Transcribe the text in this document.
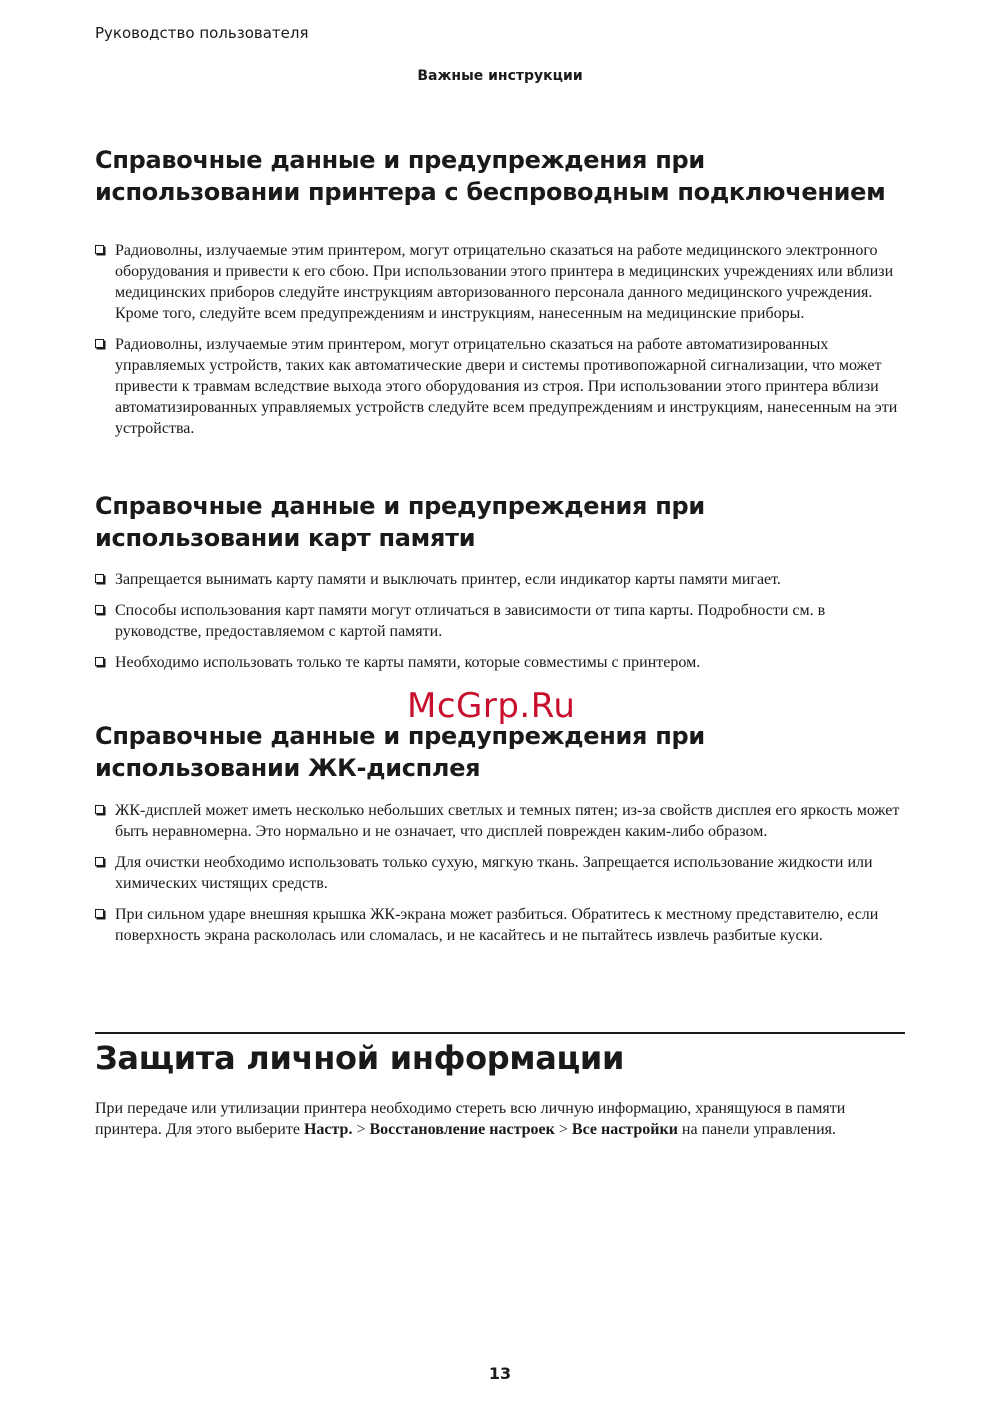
Руководство пользователя
Важные инструкции
Справочные данные и предупреждения при использовании принтера с беспроводным подключением
Радиоволны, излучаемые этим принтером, могут отрицательно сказаться на работе медицинского электронного оборудования и привести к его сбою. При использовании этого принтера в медицинских учреждениях или вблизи медицинских приборов следуйте инструкциям авторизованного персонала данного медицинского учреждения. Кроме того, следуйте всем предупреждениям и инструкциям, нанесенным на медицинские приборы.
Радиоволны, излучаемые этим принтером, могут отрицательно сказаться на работе автоматизированных управляемых устройств, таких как автоматические двери и системы противопожарной сигнализации, что может привести к травмам вследствие выхода этого оборудования из строя. При использовании этого принтера вблизи автоматизированных управляемых устройств следуйте всем предупреждениям и инструкциям, нанесенным на эти устройства.
Справочные данные и предупреждения при использовании карт памяти
Запрещается вынимать карту памяти и выключать принтер, если индикатор карты памяти мигает.
Способы использования карт памяти могут отличаться в зависимости от типа карты. Подробности см. в руководстве, предоставляемом с картой памяти.
Необходимо использовать только те карты памяти, которые совместимы с принтером.
McGrp.Ru
Справочные данные и предупреждения при использовании ЖК-дисплея
ЖК-дисплей может иметь несколько небольших светлых и темных пятен; из-за свойств дисплея его яркость может быть неравномерна. Это нормально и не означает, что дисплей поврежден каким-либо образом.
Для очистки необходимо использовать только сухую, мягкую ткань. Запрещается использование жидкости или химических чистящих средств.
При сильном ударе внешняя крышка ЖК-экрана может разбиться. Обратитесь к местному представителю, если поверхность экрана раскололась или сломалась, и не касайтесь и не пытайтесь извлечь разбитые куски.
Защита личной информации

При передаче или утилизации принтера необходимо стереть всю личную информацию, хранящуюся в памяти принтера. Для этого выберите Настр. > Восстановление настроек > Все настройки на панели управления.

13
